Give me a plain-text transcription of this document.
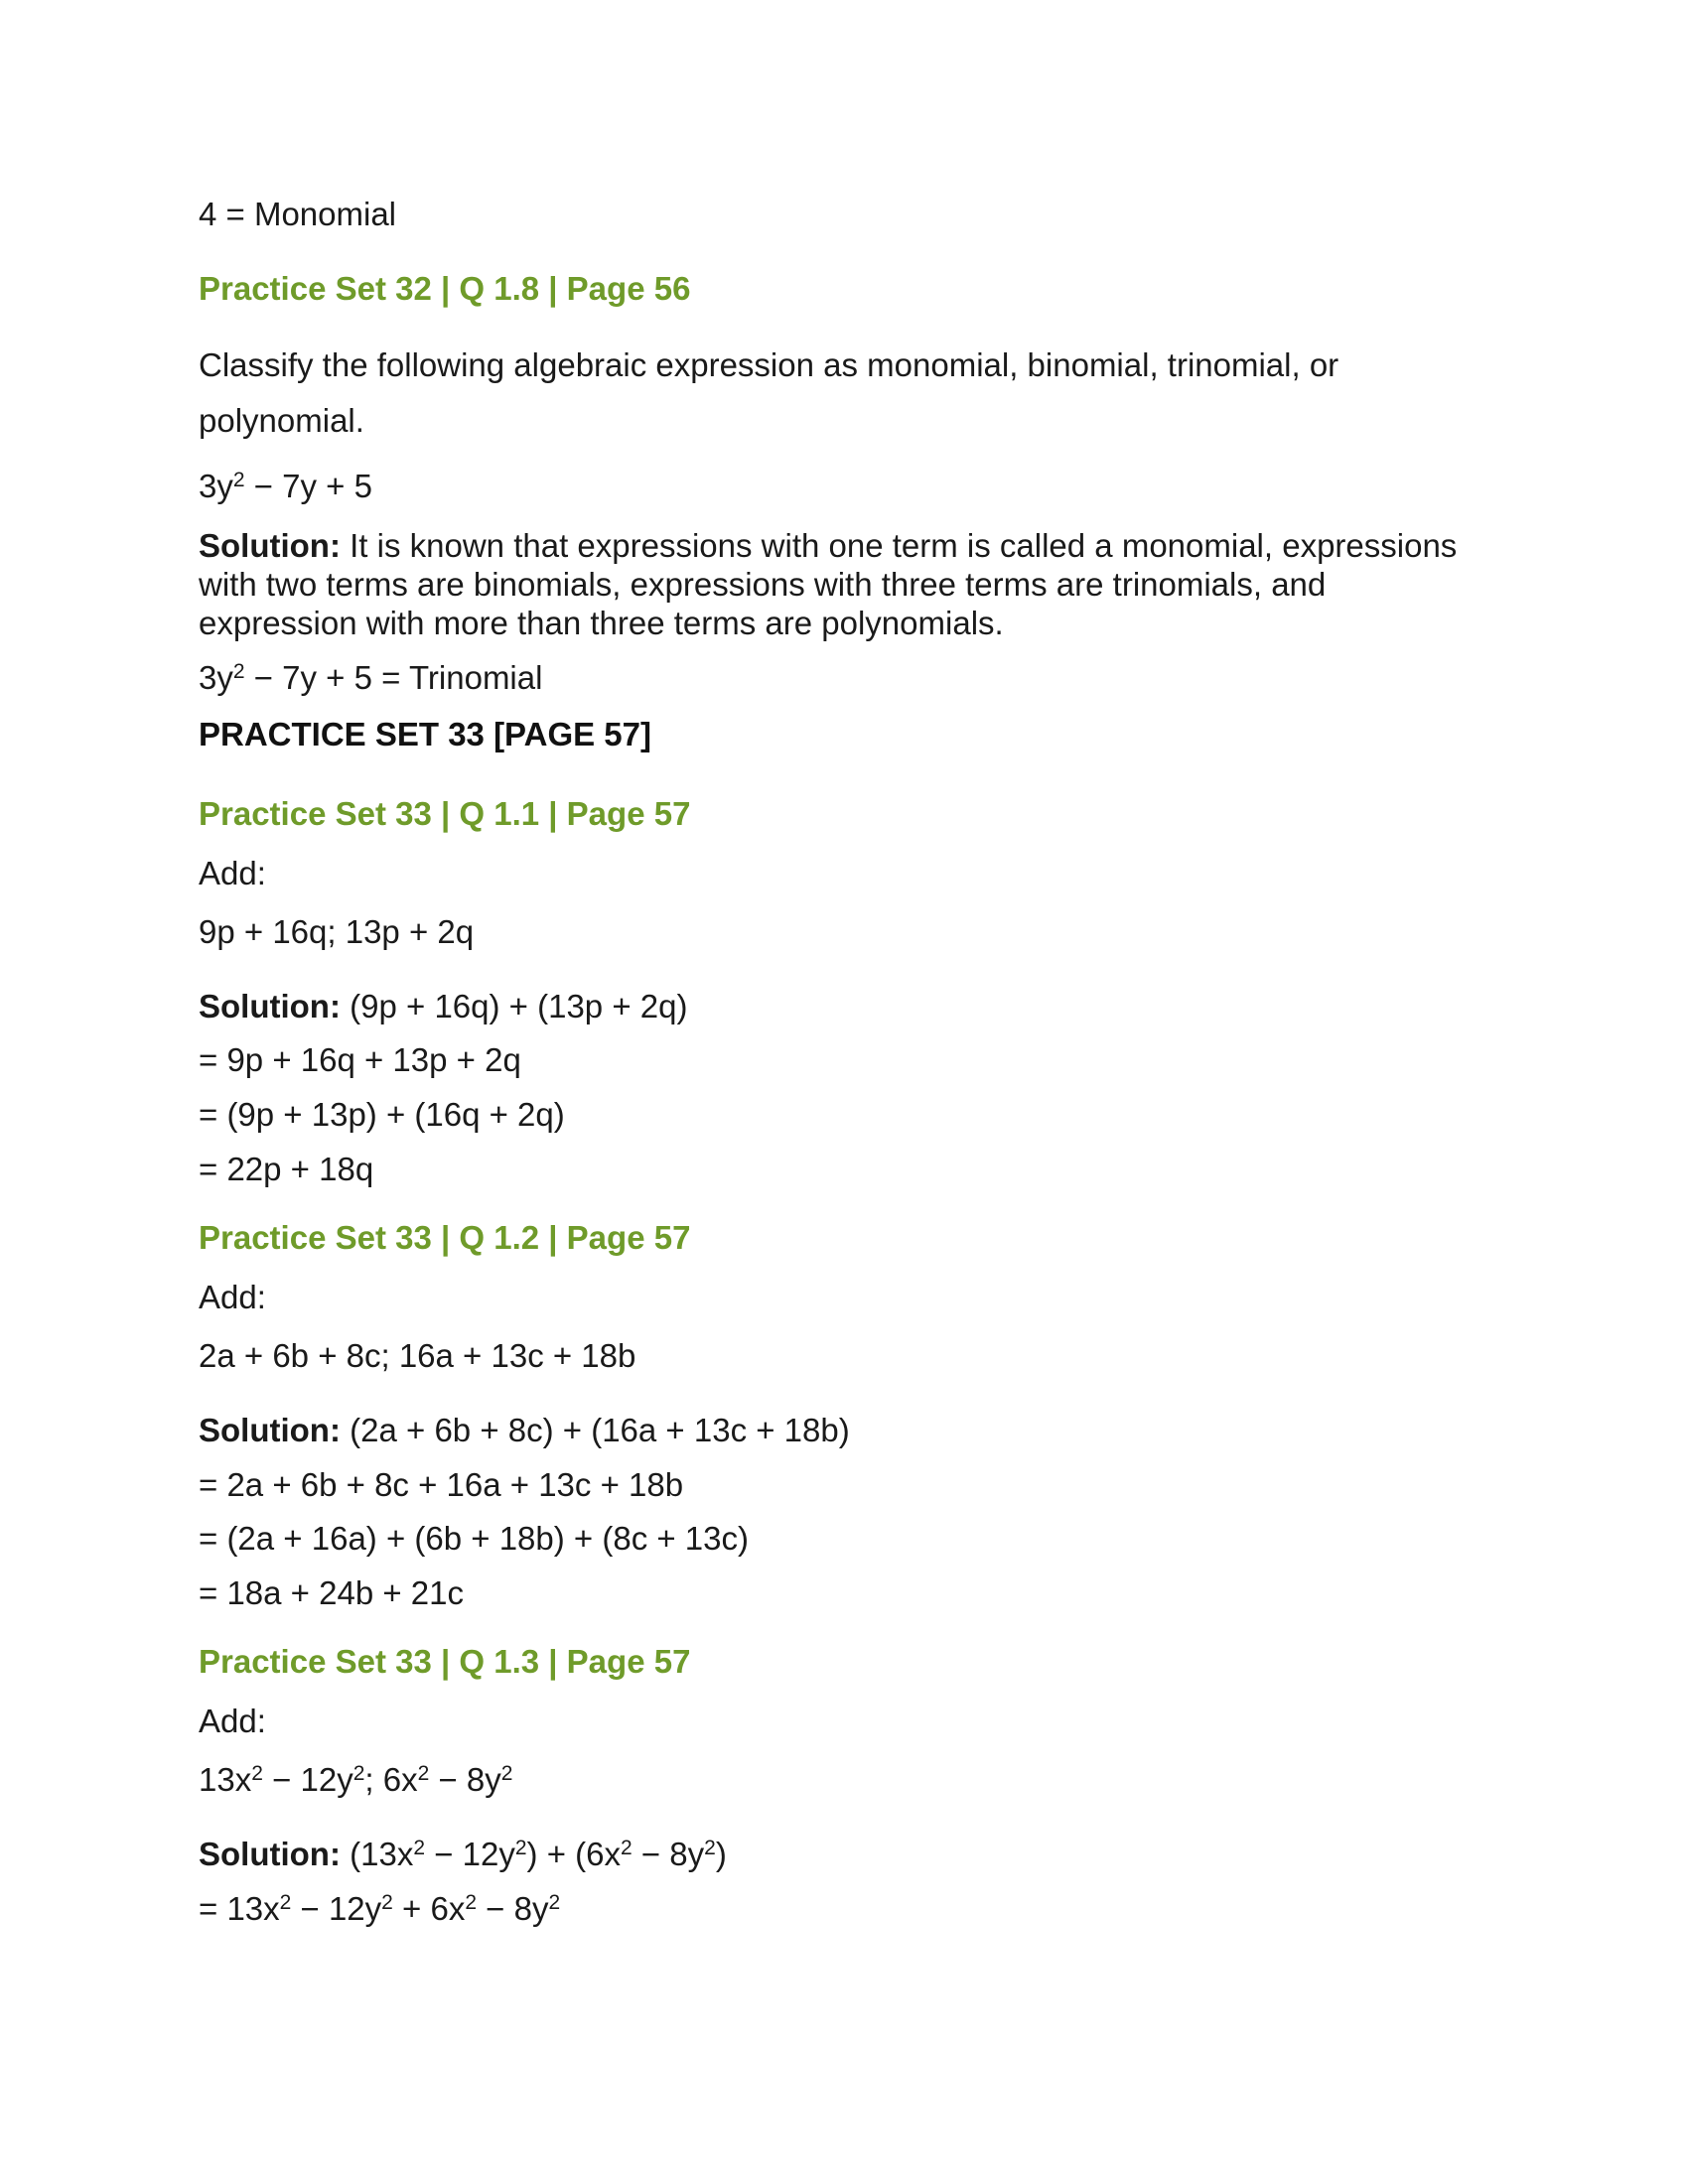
4 = Monomial

Practice Set 32 | Q 1.8 | Page 56

Classify the following algebraic expression as monomial, binomial, trinomial, or polynomial.

$3y^2 - 7y + 5$

Solution: It is known that expressions with one term is called a monomial, expressions with two terms are binomials, expressions with three terms are trinomials, and expression with more than three terms are polynomials.

$3y^2 - 7y + 5$ = Trinomial

PRACTICE SET 33 [PAGE 57]

Practice Set 33 | Q 1.1 | Page 57

Add:

9p + 16q; 13p + 2q

Solution: (9p + 16q) + (13p + 2q)

= 9p + 16q + 13p + 2q

= (9p + 13p) + (16q + 2q)

= 22p + 18q

Practice Set 33 | Q 1.2 | Page 57

Add:

2a + 6b + 8c; 16a + 13c + 18b

Solution: (2a + 6b + 8c) + (16a + 13c + 18b)

= 2a + 6b + 8c + 16a + 13c + 18b

= (2a + 16a) + (6b + 18b) + (8c + 13c)

= 18a + 24b + 21c

Practice Set 33 | Q 1.3 | Page 57

Add:

$13x^2 - 12y^2$; $6x^2 - 8y^2$

Solution: $(13x^2 - 12y^2) + (6x^2 - 8y^2)$

= $13x^2 - 12y^2 + 6x^2 - 8y^2$
